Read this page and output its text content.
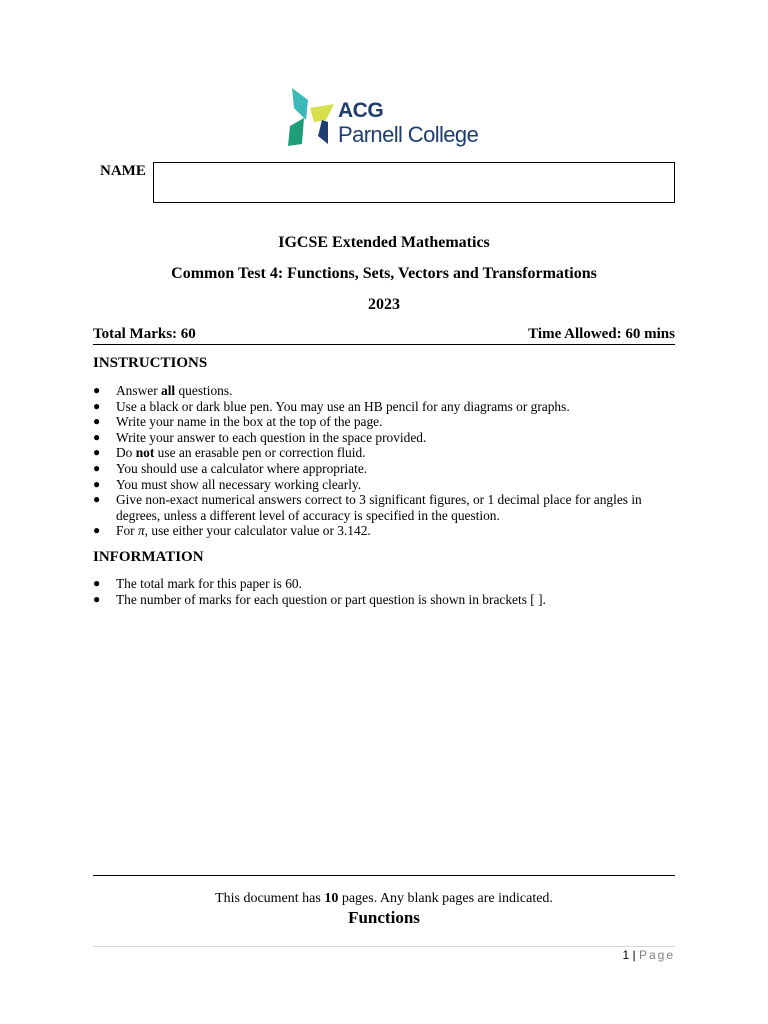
ACG
Parnell College
NAME
IGCSE Extended Mathematics
Common Test 4: Functions, Sets, Vectors and Transformations
2023
Total Marks: 60	Time Allowed: 60 mins
INSTRUCTIONS
● Answer all questions.
● Use a black or dark blue pen. You may use an HB pencil for any diagrams or graphs.
● Write your name in the box at the top of the page.
● Write your answer to each question in the space provided.
● Do not use an erasable pen or correction fluid.
● You should use a calculator where appropriate.
● You must show all necessary working clearly.
● Give non-exact numerical answers correct to 3 significant figures, or 1 decimal place for angles in degrees, unless a different level of accuracy is specified in the question.
● For π, use either your calculator value or 3.142.
INFORMATION
● The total mark for this paper is 60.
● The number of marks for each question or part question is shown in brackets [ ].
This document has 10 pages. Any blank pages are indicated.
Functions
1 | Page
